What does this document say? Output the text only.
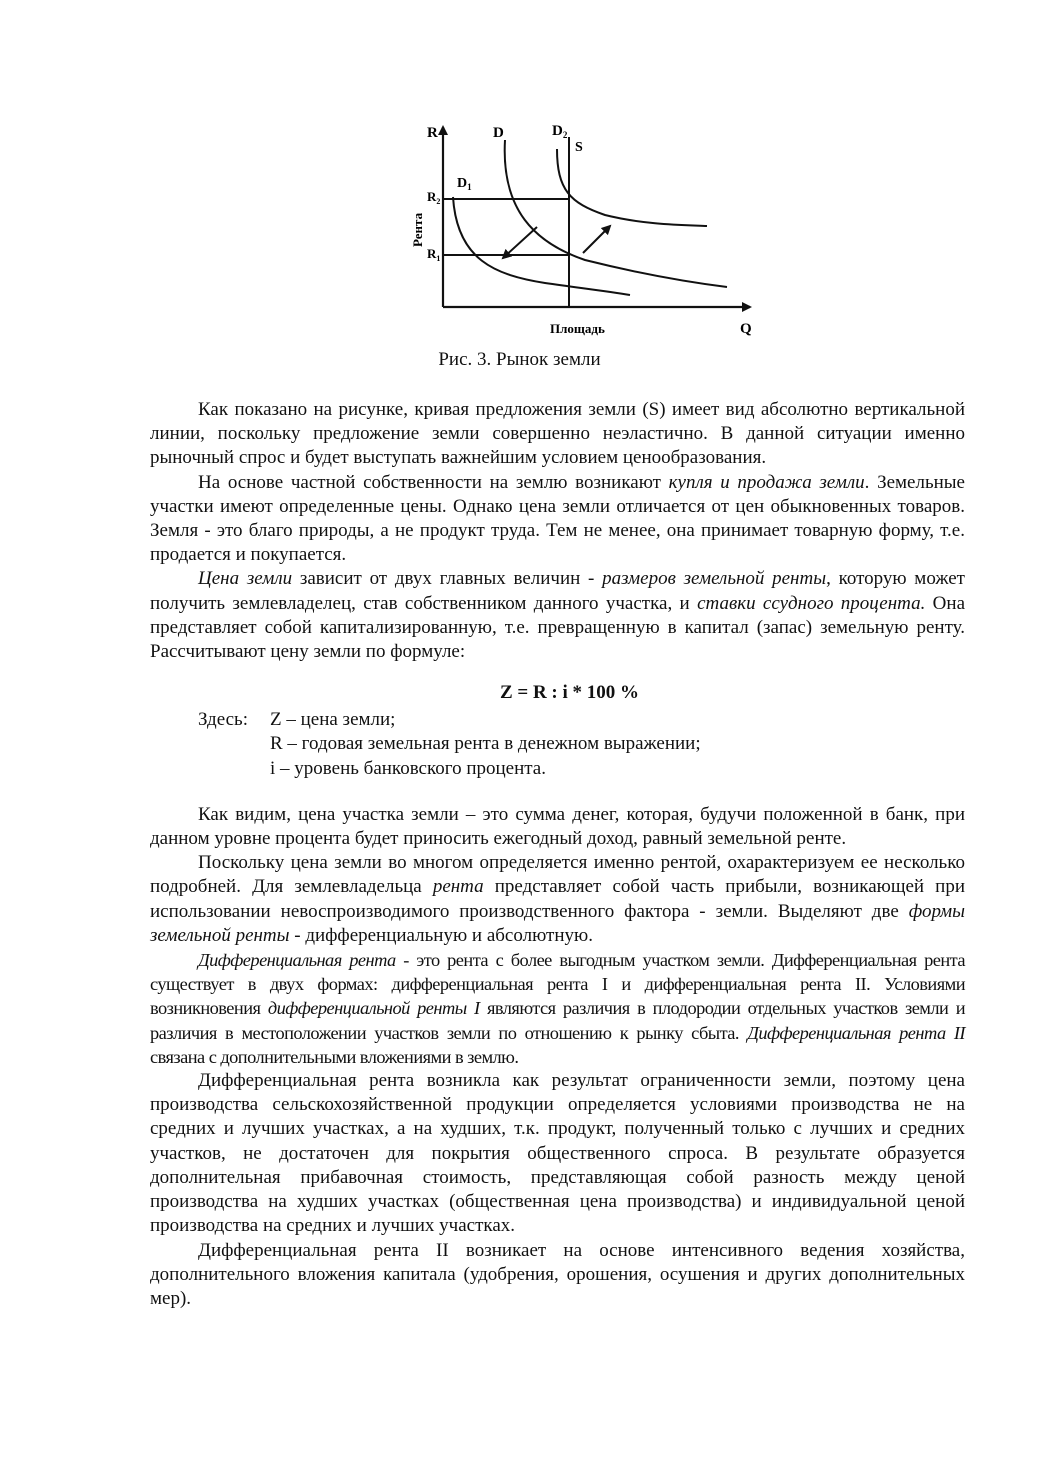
R	D	$D_2$
S
$D_1$
$R_2$
$R_1$
Рента
Площадь	Q
Рис. 3. Рынок земли

Как показано на рисунке, кривая предложения земли (S) имеет вид абсолютно вертикальной линии, поскольку предложение земли совершенно неэластично. В данной ситуации именно рыночный спрос и будет выступать важнейшим условием ценообразования.

На основе частной собственности на землю возникают купля и продажа земли. Земельные участки имеют определенные цены. Однако цена земли отличается от цен обыкновенных товаров. Земля - это благо природы, а не продукт труда. Тем не менее, она принимает товарную форму, т.е. продается и покупается.

Цена земли зависит от двух главных величин - размеров земельной ренты, которую может получить землевладелец, став собственником данного участка, и ставки ссудного процента. Она представляет собой капитализированную, т.е. превращенную в капитал (запас) земельную ренту. Рассчитывают цену земли по формуле:

Z = R : i * 100 %
Здесь:	Z – цена земли;
R – годовая земельная рента в денежном выражении;
i – уровень банковского процента.

Как видим, цена участка земли – это сумма денег, которая, будучи положенной в банк, при данном уровне процента будет приносить ежегодный доход, равный земельной ренте.

Поскольку цена земли во многом определяется именно рентой, охарактеризуем ее несколько подробней. Для землевладельца рента представляет собой часть прибыли, возникающей при использовании невоспроизводимого производственного фактора - земли. Выделяют две формы земельной ренты - дифференциальную и абсолютную.

Дифференциальная рента - это рента с более выгодным участком земли. Дифференциальная рента существует в двух формах: дифференциальная рента I и дифференциальная рента II. Условиями возникновения дифференциальной ренты I являются различия в плодородии отдельных участков земли и различия в местоположении участков земли по отношению к рынку сбыта. Дифференциальная рента II связана с дополнительными вложениями в землю.

Дифференциальная рента возникла как результат ограниченности земли, поэтому цена производства сельскохозяйственной продукции определяется условиями производства не на средних и лучших участках, а на худших, т.к. продукт, полученный только с лучших и средних участков, не достаточен для покрытия общественного спроса. В результате образуется дополнительная прибавочная стоимость, представляющая собой разность между ценой производства на худших участках (общественная цена производства) и индивидуальной ценой производства на средних и лучших участках.

Дифференциальная рента II возникает на основе интенсивного ведения хозяйства, дополнительного вложения капитала (удобрения, орошения, осушения и других дополнительных мер).
